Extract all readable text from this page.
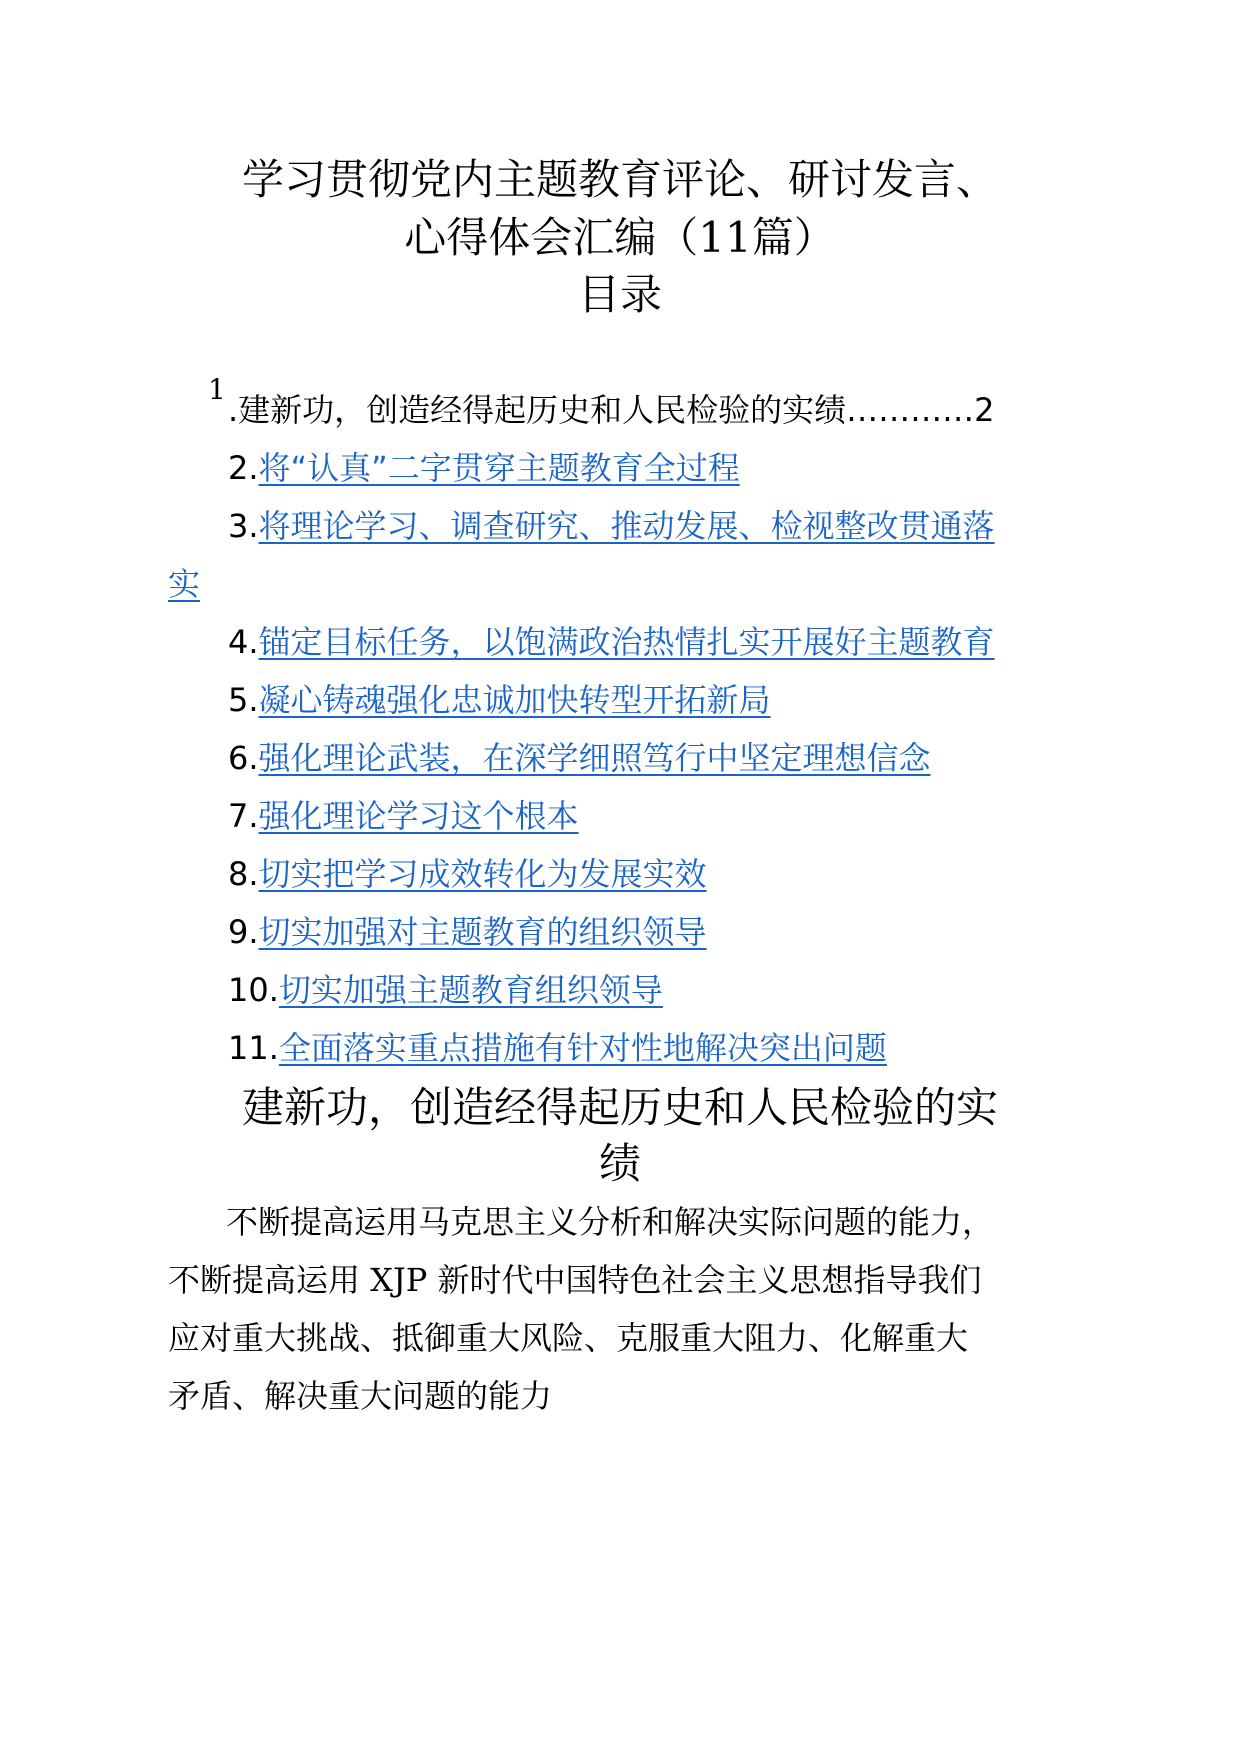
学习贯彻党内主题教育评论、研讨发言、
心得体会汇编（11篇）
目录
1
.建新功，创造经得起历史和人民检验的实绩…………2
2.将“认真”二字贯穿主题教育全过程
3.将理论学习、调查研究、推动发展、检视整改贯通落
实
4.锚定目标任务，以饱满政治热情扎实开展好主题教育
5.凝心铸魂强化忠诚加快转型开拓新局
6.强化理论武装，在深学细照笃行中坚定理想信念
7.强化理论学习这个根本
8.切实把学习成效转化为发展实效
9.切实加强对主题教育的组织领导
10.切实加强主题教育组织领导
11.全面落实重点措施有针对性地解决突出问题
建新功，创造经得起历史和人民检验的实
绩
不断提高运用马克思主义分析和解决实际问题的能力，
不断提高运用 XJP 新时代中国特色社会主义思想指导我们
应对重大挑战、抵御重大风险、克服重大阻力、化解重大
矛盾、解决重大问题的能力
